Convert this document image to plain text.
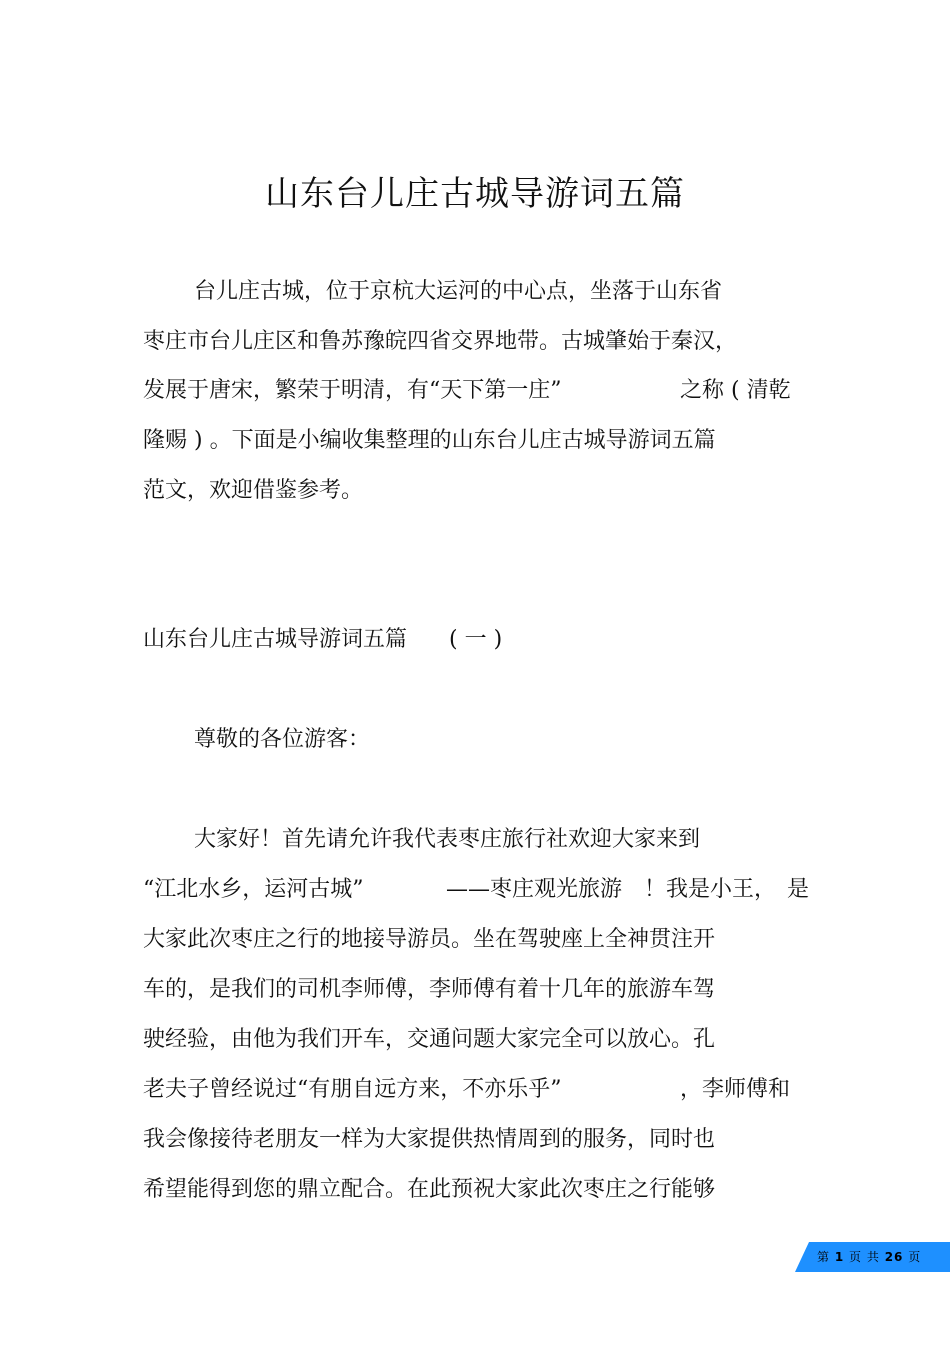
山东台儿庄古城导游词五篇
台儿庄古城，位于京杭大运河的中心点，坐落于山东省
枣庄市台儿庄区和鲁苏豫皖四省交界地带。古城肇始于秦汉，
发展于唐宋，繁荣于明清，有“天下第一庄”	之称 ( 清乾
隆赐 ) 。下面是小编收集整理的山东台儿庄古城导游词五篇
范文，欢迎借鉴参考。
山东台儿庄古城导游词五篇 ( 一 )
尊敬的各位游客：
大家好！首先请允许我代表枣庄旅行社欢迎大家来到
“江北水乡，运河古城”	——枣庄观光旅游　！我是小王，　是
大家此次枣庄之行的地接导游员。坐在驾驶座上全神贯注开
车的，是我们的司机李师傅，李师傅有着十几年的旅游车驾
驶经验，由他为我们开车，交通问题大家完全可以放心。孔
老夫子曾经说过“有朋自远方来，不亦乐乎”	，李师傅和
我会像接待老朋友一样为大家提供热情周到的服务，同时也
希望能得到您的鼎立配合。在此预祝大家此次枣庄之行能够
第 1 页 共 26 页
